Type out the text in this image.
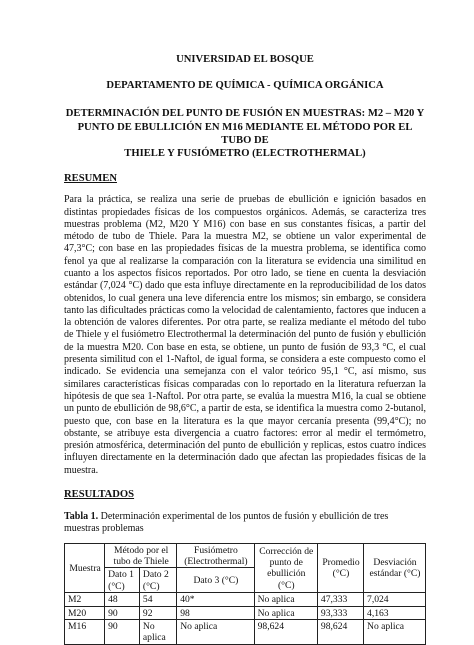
UNIVERSIDAD EL BOSQUE

DEPARTAMENTO DE QUÍMICA - QUÍMICA ORGÁNICA

DETERMINACIÓN DEL PUNTO DE FUSIÓN EN MUESTRAS: M2 – M20 Y

PUNTO DE EBULLICIÓN EN M16 MEDIANTE EL MÉTODO POR EL TUBO DE

THIELE Y FUSIÓMETRO (ELECTROTHERMAL)

RESUMEN

Para la práctica, se realiza una serie de pruebas de ebullición e ignición basados en distintas propiedades físicas de los compuestos orgánicos. Además, se caracteriza tres muestras problema (M2, M20 Y M16) con base en sus constantes físicas, a partir del método de tubo de Thiele. Para la muestra M2, se obtiene un valor experimental de 47,3°C; con base en las propiedades físicas de la muestra problema, se identifica como fenol ya que al realizarse la comparación con la literatura se evidencia una similitud en cuanto a los aspectos físicos reportados. Por otro lado, se tiene en cuenta la desviación estándar (7,024 °C) dado que esta influye directamente en la reproducibilidad de los datos obtenidos, lo cual genera una leve diferencia entre los mismos; sin embargo, se considera tanto las dificultades prácticas como la velocidad de calentamiento, factores que inducen a la obtención de valores diferentes. Por otra parte, se realiza mediante el método del tubo de Thiele y el fusiómetro Electrothermal la determinación del punto de fusión y ebullición de la muestra M20. Con base en esta, se obtiene, un punto de fusión de 93,3 °C, el cual presenta similitud con el 1-Naftol, de igual forma, se considera a este compuesto como el indicado. Se evidencia una semejanza con el valor teórico 95,1 °C, así mismo, sus similares características físicas comparadas con lo reportado en la literatura refuerzan la hipótesis de que sea 1-Naftol. Por otra parte, se evalúa la muestra M16, la cual se obtiene un punto de ebullición de 98,6°C, a partir de esta, se identifica la muestra como 2-butanol, puesto que, con base en la literatura es la que mayor cercanía presenta (99,4°C); no obstante, se atribuye esta divergencia a cuatro factores: error al medir el termómetro, presión atmosférica, determinación del punto de ebullición y replicas, estos cuatro índices influyen directamente en la determinación dado que afectan las propiedades físicas de la muestra.

RESULTADOS

Tabla 1. Determinación experimental de los puntos de fusión y ebullición de tres muestras problemas

Muestra	Método por el tubo de Thiele		Fusiómetro (Electrothermal)	Corrección de punto de ebullición (°C)	Promedio (°C)	Desviación estándar (°C)
	Dato 1 (°C)	Dato 2 (°C)	Dato 3 (°C)			
M2	48	54	40*	No aplica	47,333	7,024
M20	90	92	98	No aplica	93,333	4,163
M16	90	No aplica	No aplica	98,624	98,624	No aplica
